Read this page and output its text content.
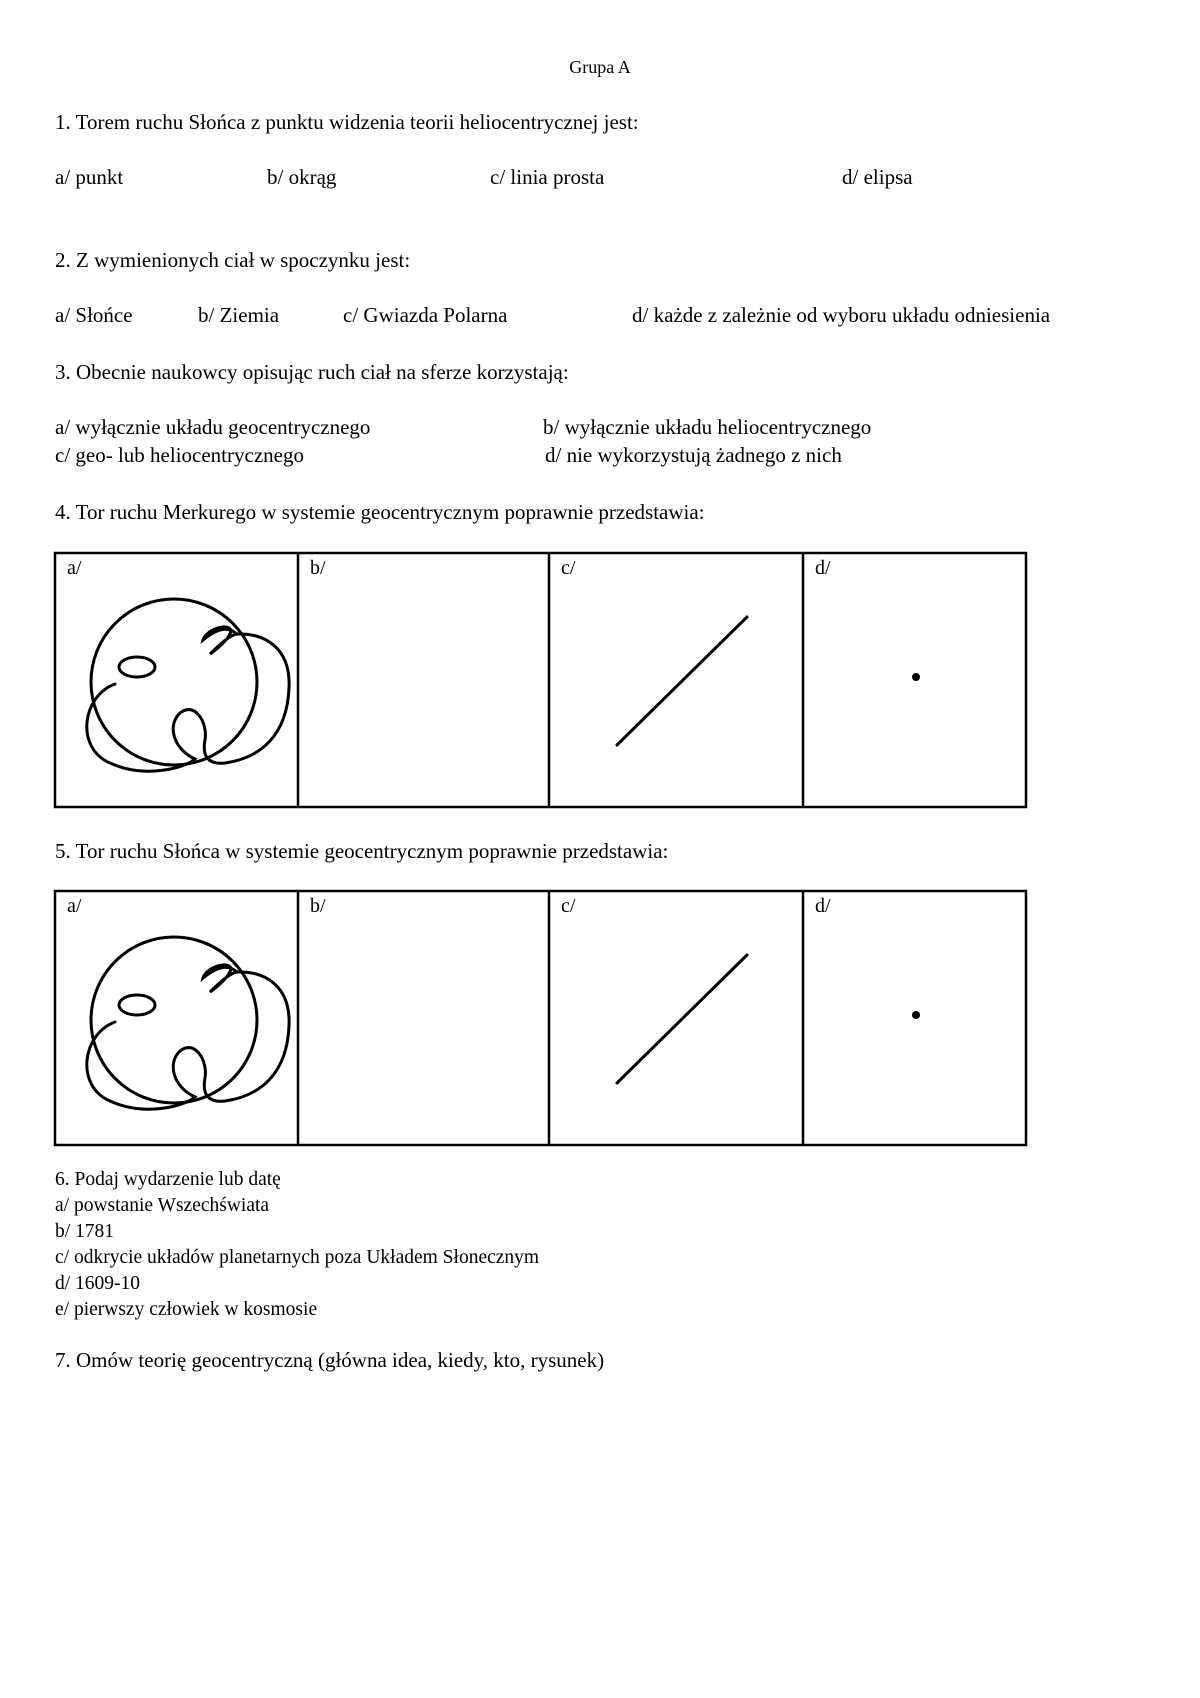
Grupa A
1. Torem ruchu Słońca z punktu widzenia teorii heliocentrycznej jest:
a/ punkt	b/ okrąg	c/ linia prosta	d/ elipsa
2. Z wymienionych ciał w spoczynku jest:
a/ Słońce	b/ Ziemia	c/ Gwiazda Polarna	d/ każde z zależnie od wyboru układu odniesienia
3. Obecnie naukowcy opisując ruch ciał na sferze korzystają:
a/ wyłącznie układu geocentrycznego	b/ wyłącznie układu heliocentrycznego
c/ geo- lub heliocentrycznego	d/ nie wykorzystują żadnego z nich
4. Tor ruchu Merkurego w systemie geocentrycznym poprawnie przedstawia:
a/	b/	c/	d/
5. Tor ruchu Słońca w systemie geocentrycznym poprawnie przedstawia:
a/	b/	c/	d/
6. Podaj wydarzenie lub datę
a/ powstanie Wszechświata
b/ 1781
c/ odkrycie układów planetarnych poza Układem Słonecznym
d/ 1609-10
e/ pierwszy człowiek w kosmosie
7. Omów teorię geocentryczną (główna idea, kiedy, kto, rysunek)
